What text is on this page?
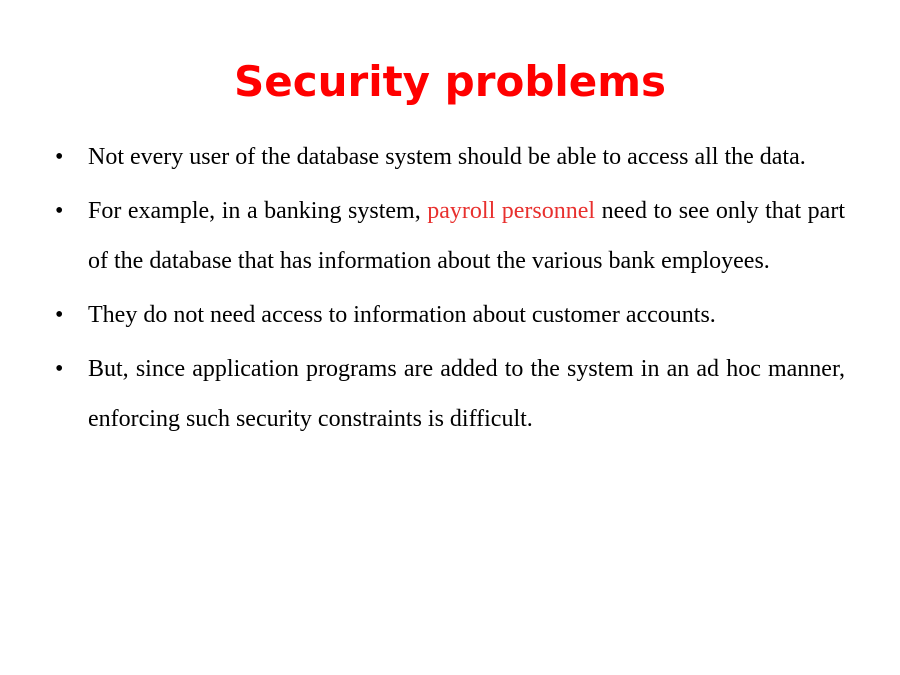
Security problems
•	Not every user of the database system should be able to access all the data.
•	For example, in a banking system, payroll personnel need to see only that part of the database that has information about the various bank employees.
•	They do not need access to information about customer accounts.
•	But, since application programs are added to the system in an ad hoc manner, enforcing such security constraints is difficult.
